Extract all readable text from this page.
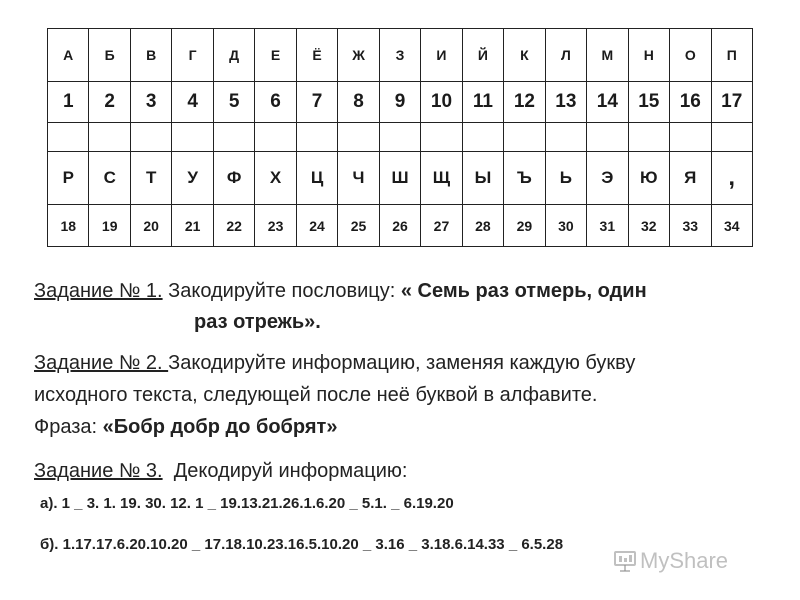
А	Б	В	Г	Д	Е	Ё	Ж	З	И	Й	К	Л	М	Н	О	П
1	2	3	4	5	6	7	8	9	10	11	12	13	14	15	16	17

Р	С	Т	У	Ф	Х	Ц	Ч	Ш	Щ	Ы	Ъ	Ь	Э	Ю	Я	,
18	19	20	21	22	23	24	25	26	27	28	29	30	31	32	33	34
Задание № 1. Закодируйте пословицу: « Семь раз отмерь, один
раз отрежь».
Задание № 2. Закодируйте информацию, заменяя каждую букву
исходного текста, следующей после неё буквой в алфавите.
Фраза: «Бобр добр до бобрят»
Задание № 3.  Декодируй информацию:
а). 1 _ 3. 1. 19. 30. 12. 1 _ 19.13.21.26.1.6.20 _ 5.1. _ 6.19.20
б). 1.17.17.6.20.10.20 _ 17.18.10.23.16.5.10.20 _ 3.16 _ 3.18.6.14.33 _ 6.5.28
MyShare
